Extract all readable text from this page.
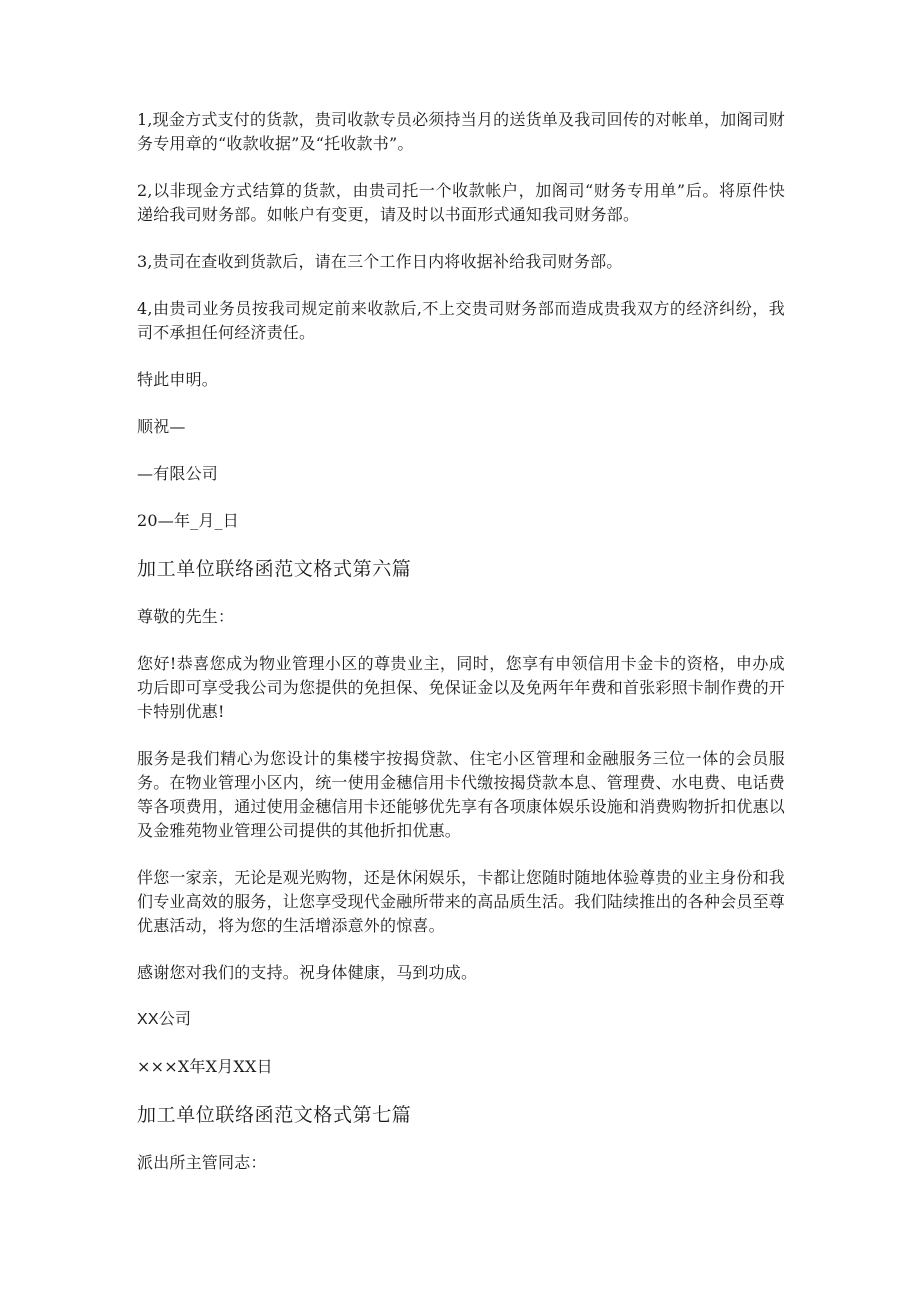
1,现金方式支付的货款，贵司收款专员必须持当月的送货单及我司回传的对帐单，加阁司财务专用章的“收款收据”及“托收款书”。

2,以非现金方式结算的货款，由贵司托一个收款帐户，加阁司“财务专用单”后。将原件快递给我司财务部。如帐户有变更，请及时以书面形式通知我司财务部。

3,贵司在查收到货款后，请在三个工作日内将收据补给我司财务部。

4,由贵司业务员按我司规定前来收款后,不上交贵司财务部而造成贵我双方的经济纠纷，我司不承担任何经济责任。

特此申明。

顺祝—

—有限公司

20—年_月_日

加工单位联络函范文格式第六篇

尊敬的先生：

您好!恭喜您成为物业管理小区的尊贵业主，同时，您享有申领信用卡金卡的资格，申办成功后即可享受我公司为您提供的免担保、免保证金以及免两年年费和首张彩照卡制作费的开卡特别优惠!

服务是我们精心为您设计的集楼宇按揭贷款、住宅小区管理和金融服务三位一体的会员服务。在物业管理小区内，统一使用金穗信用卡代缴按揭贷款本息、管理费、水电费、电话费等各项费用，通过使用金穗信用卡还能够优先享有各项康体娱乐设施和消费购物折扣优惠以及金雅苑物业管理公司提供的其他折扣优惠。

伴您一家亲，无论是观光购物，还是休闲娱乐，卡都让您随时随地体验尊贵的业主身份和我们专业高效的服务，让您享受现代金融所带来的高品质生活。我们陆续推出的各种会员至尊优惠活动，将为您的生活增添意外的惊喜。

感谢您对我们的支持。祝身体健康，马到功成。

XX公司

×××X年X月XX日

加工单位联络函范文格式第七篇

派出所主管同志：
